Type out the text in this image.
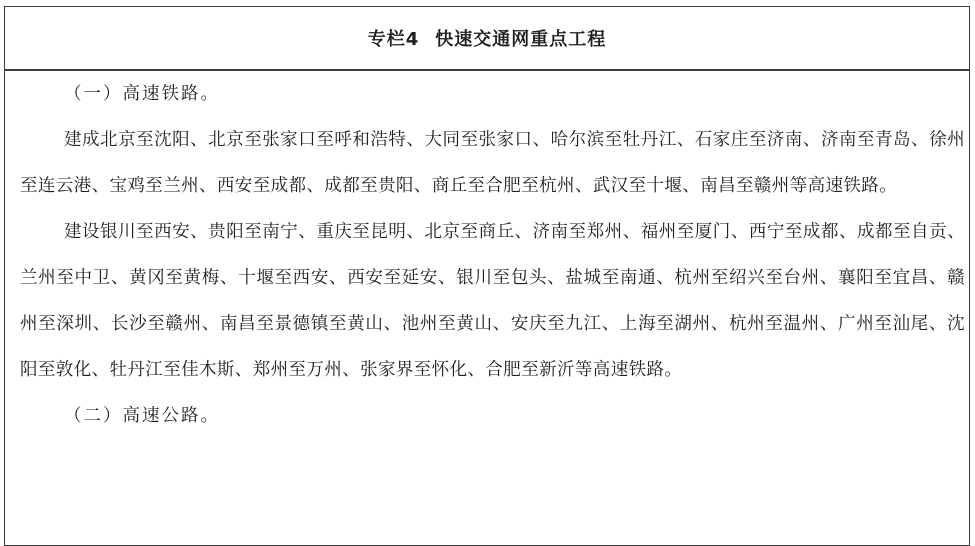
专栏4 快速交通网重点工程
（一）高速铁路。

建成北京至沈阳、北京至张家口至呼和浩特、大同至张家口、哈尔滨至牡丹江、石家庄至济南、济南至青岛、徐州至连云港、宝鸡至兰州、西安至成都、成都至贵阳、商丘至合肥至杭州、武汉至十堰、南昌至赣州等高速铁路。

建设银川至西安、贵阳至南宁、重庆至昆明、北京至商丘、济南至郑州、福州至厦门、西宁至成都、成都至自贡、兰州至中卫、黄冈至黄梅、十堰至西安、西安至延安、银川至包头、盐城至南通、杭州至绍兴至台州、襄阳至宜昌、赣州至深圳、长沙至赣州、南昌至景德镇至黄山、池州至黄山、安庆至九江、上海至湖州、杭州至温州、广州至汕尾、沈阳至敦化、牡丹江至佳木斯、郑州至万州、张家界至怀化、合肥至新沂等高速铁路。

（二）高速公路。
